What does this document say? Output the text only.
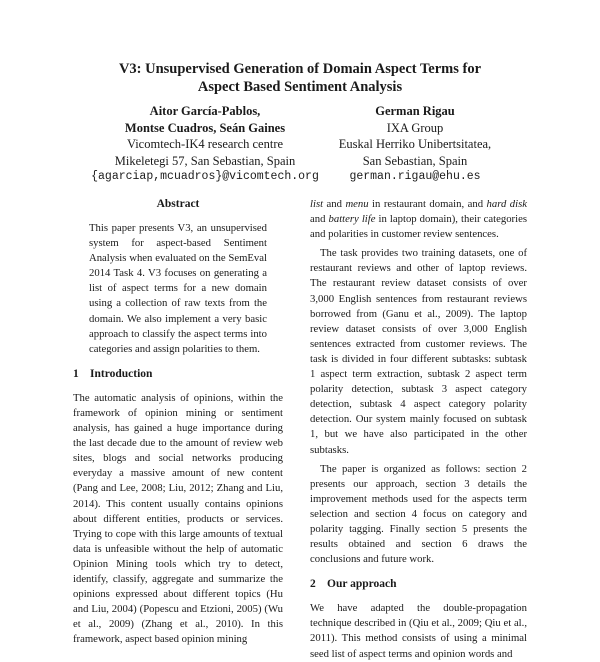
V3: Unsupervised Generation of Domain Aspect Terms for
Aspect Based Sentiment Analysis
Aitor García-Pablos,
Montse Cuadros, Seán Gaines
Vicomtech-IK4 research centre
Mikeletegi 57, San Sebastian, Spain
{agarciap,mcuadros}@vicomtech.org
German Rigau
IXA Group
Euskal Herriko Unibertsitatea,
San Sebastian, Spain
german.rigau@ehu.es
Abstract

This paper presents V3, an unsupervised system for aspect-based Sentiment Analysis when evaluated on the SemEval 2014 Task 4. V3 focuses on generating a list of aspect terms for a new domain using a collection of raw texts from the domain. We also implement a very basic approach to classify the aspect terms into categories and assign polarities to them.

1 Introduction

The automatic analysis of opinions, within the framework of opinion mining or sentiment analysis, has gained a huge importance during the last decade due to the amount of review web sites, blogs and social networks producing everyday a massive amount of new content (Pang and Lee, 2008; Liu, 2012; Zhang and Liu, 2014). This content usually contains opinions about different entities, products or services. Trying to cope with this large amounts of textual data is unfeasible without the help of automatic Opinion Mining tools which try to detect, identify, classify, aggregate and summarize the opinions expressed about different topics (Hu and Liu, 2004) (Popescu and Etzioni, 2005) (Wu et al., 2009) (Zhang et al., 2010). In this framework, aspect based opinion mining

list and menu in restaurant domain, and hard disk and battery life in laptop domain), their categories and polarities in customer review sentences.

The task provides two training datasets, one of restaurant reviews and other of laptop reviews. The restaurant review dataset consists of over 3,000 English sentences from restaurant reviews borrowed from (Ganu et al., 2009). The laptop review dataset consists of over 3,000 English sentences extracted from customer reviews. The task is divided in four different subtasks: subtask 1 aspect term extraction, subtask 2 aspect term polarity detection, subtask 3 aspect category detection, subtask 4 aspect category polarity detection. Our system mainly focused on subtask 1, but we have also participated in the other subtasks.

The paper is organized as follows: section 2 presents our approach, section 3 details the improvement methods used for the aspects term selection and section 4 focus on category and polarity tagging. Finally section 5 presents the results obtained and section 6 draws the conclusions and future work.

2 Our approach

We have adapted the double-propagation technique described in (Qiu et al., 2009; Qiu et al., 2011). This method consists of using a minimal seed list of aspect terms and opinion words and
